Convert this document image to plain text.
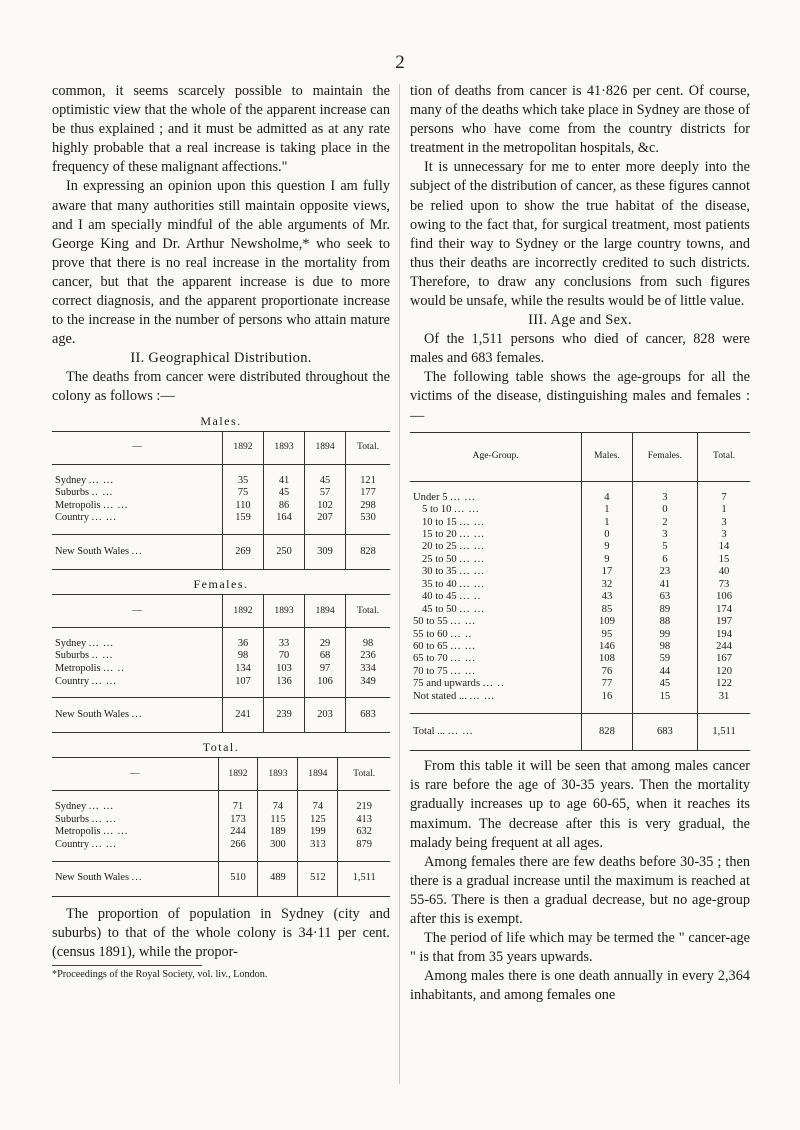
2

common, it seems scarcely possible to maintain the optimistic view that the whole of the apparent increase can be thus explained ; and it must be admitted as at any rate highly probable that a real increase is taking place in the frequency of these malignant affections."

In expressing an opinion upon this question I am fully aware that many authorities still maintain opposite views, and I am specially mindful of the able arguments of Mr. George King and Dr. Arthur Newsholme,* who seek to prove that there is no real increase in the mortality from cancer, but that the apparent increase is due to more correct diagnosis, and the apparent proportionate increase to the increase in the number of persons who attain mature age.

II. Geographical Distribution.

The deaths from cancer were distributed throughout the colony as follows :—

Males.
—	1892	1893	1894	Total.
Sydney ... ...	35	41	45	121
Suburbs .. ...	75	45	57	177
Metropolis ... ...	110	86	102	298
Country ... ...	159	164	207	530
New South Wales ...	269	250	309	828
Females.
—	1892	1893	1894	Total.
Sydney ... ...	36	33	29	98
Suburbs .. ...	98	70	68	236
Metropolis ... ..	134	103	97	334
Country ... ...	107	136	106	349
New South Wales ...	241	239	203	683
Total.
—	1892	1893	1894	Total.
Sydney ... ...	71	74	74	219
Suburbs ... ...	173	115	125	413
Metropolis ... ...	244	189	199	632
Country ... ...	266	300	313	879
New South Wales ...	510	489	512	1,511

The proportion of population in Sydney (city and suburbs) to that of the whole colony is 34·11 per cent. (census 1891), while the propor-

*Proceedings of the Royal Society, vol. liv., London.

tion of deaths from cancer is 41·826 per cent. Of course, many of the deaths which take place in Sydney are those of persons who have come from the country districts for treatment in the metropolitan hospitals, &c.

It is unnecessary for me to enter more deeply into the subject of the distribution of cancer, as these figures cannot be relied upon to show the true habitat of the disease, owing to the fact that, for surgical treatment, most patients find their way to Sydney or the large country towns, and thus their deaths are incorrectly credited to such districts. Therefore, to draw any conclusions from such figures would be unsafe, while the results would be of little value.

III. Age and Sex.

Of the 1,511 persons who died of cancer, 828 were males and 683 females.

The following table shows the age-groups for all the victims of the disease, distinguishing males and females :—

Age-Group.	Males.	Females.	Total.
Under 5 ... ...	4	3	7
5 to 10 ... ...	1	0	1
10 to 15 ... ...	1	2	3
15 to 20 ... ...	0	3	3
20 to 25 ... ...	9	5	14
25 to 50 ... ...	9	6	15
30 to 35 ... ...	17	23	40
35 to 40 ... ...	32	41	73
40 to 45 ... ..	43	63	106
45 to 50 ... ...	85	89	174
50 to 55 ... ...	109	88	197
55 to 60 ... ..	95	99	194
60 to 65 ... ...	146	98	244
65 to 70 ... ...	108	59	167
70 to 75 ... ...	76	44	120
75 and upwards ... ..	77	45	122
Not stated ... ... ...	16	15	31
Total ... ... ...	828	683	1,511

From this table it will be seen that among males cancer is rare before the age of 30-35 years. Then the mortality gradually increases up to age 60-65, when it reaches its maximum. The decrease after this is very gradual, the malady being frequent at all ages.

Among females there are few deaths before 30-35 ; then there is a gradual increase until the maximum is reached at 55-65. There is then a gradual decrease, but no age-group after this is exempt.

The period of life which may be termed the " cancer-age " is that from 35 years upwards.

Among males there is one death annually in every 2,364 inhabitants, and among females one
